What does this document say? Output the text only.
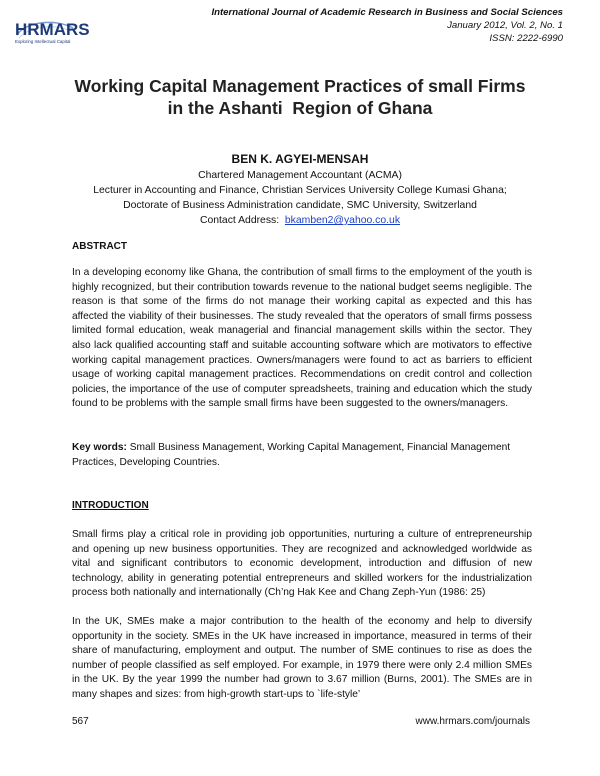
HRMARS
Exploring Intellectual Capital
International Journal of Academic Research in Business and Social Sciences
January 2012, Vol. 2, No. 1
ISSN: 2222-6990
Working Capital Management Practices of small Firms
in the Ashanti  Region of Ghana
BEN K. AGYEI-MENSAH
Chartered Management Accountant (ACMA)
Lecturer in Accounting and Finance, Christian Services University College Kumasi Ghana;
Doctorate of Business Administration candidate, SMC University, Switzerland
Contact Address: bkamben2@yahoo.co.uk
ABSTRACT
In a developing economy like Ghana, the contribution of small firms to the employment of the youth is highly recognized, but their contribution towards revenue to the national budget seems negligible. The reason is that some of the firms do not manage their working capital as expected and this has affected the viability of their businesses. The study revealed that the operators of small firms possess limited formal education, weak managerial and financial management skills within the sector. They also lack qualified accounting staff and suitable accounting software which are motivators to effective working capital management practices. Owners/managers were found to act as barriers to efficient usage of working capital management practices. Recommendations on credit control and collection policies, the importance of the use of computer spreadsheets, training and education which the study found to be problems with the sample small firms have been suggested to the owners/managers.
Key words: Small Business Management, Working Capital Management, Financial Management Practices, Developing Countries.
INTRODUCTION
Small firms play a critical role in providing job opportunities, nurturing a culture of entrepreneurship and opening up new business opportunities. They are recognized and acknowledged worldwide as vital and significant contributors to economic development, introduction and diffusion of new technology, ability in generating potential entrepreneurs and skilled workers for the industrialization process both nationally and internationally (Ch’ng Hak Kee and Chang Zeph-Yun (1986: 25)
In the UK, SMEs make a major contribution to the health of the economy and help to diversify opportunity in the society. SMEs in the UK have increased in importance, measured in terms of their share of manufacturing, employment and output. The number of SME continues to rise as does the number of people classified as self employed. For example, in 1979 there were only 2.4 million SMEs in the UK. By the year 1999 the number had grown to 3.67 million (Burns, 2001). The SMEs are in many shapes and sizes: from high-growth start-ups to `life-style’
567	www.hrmars.com/journals
